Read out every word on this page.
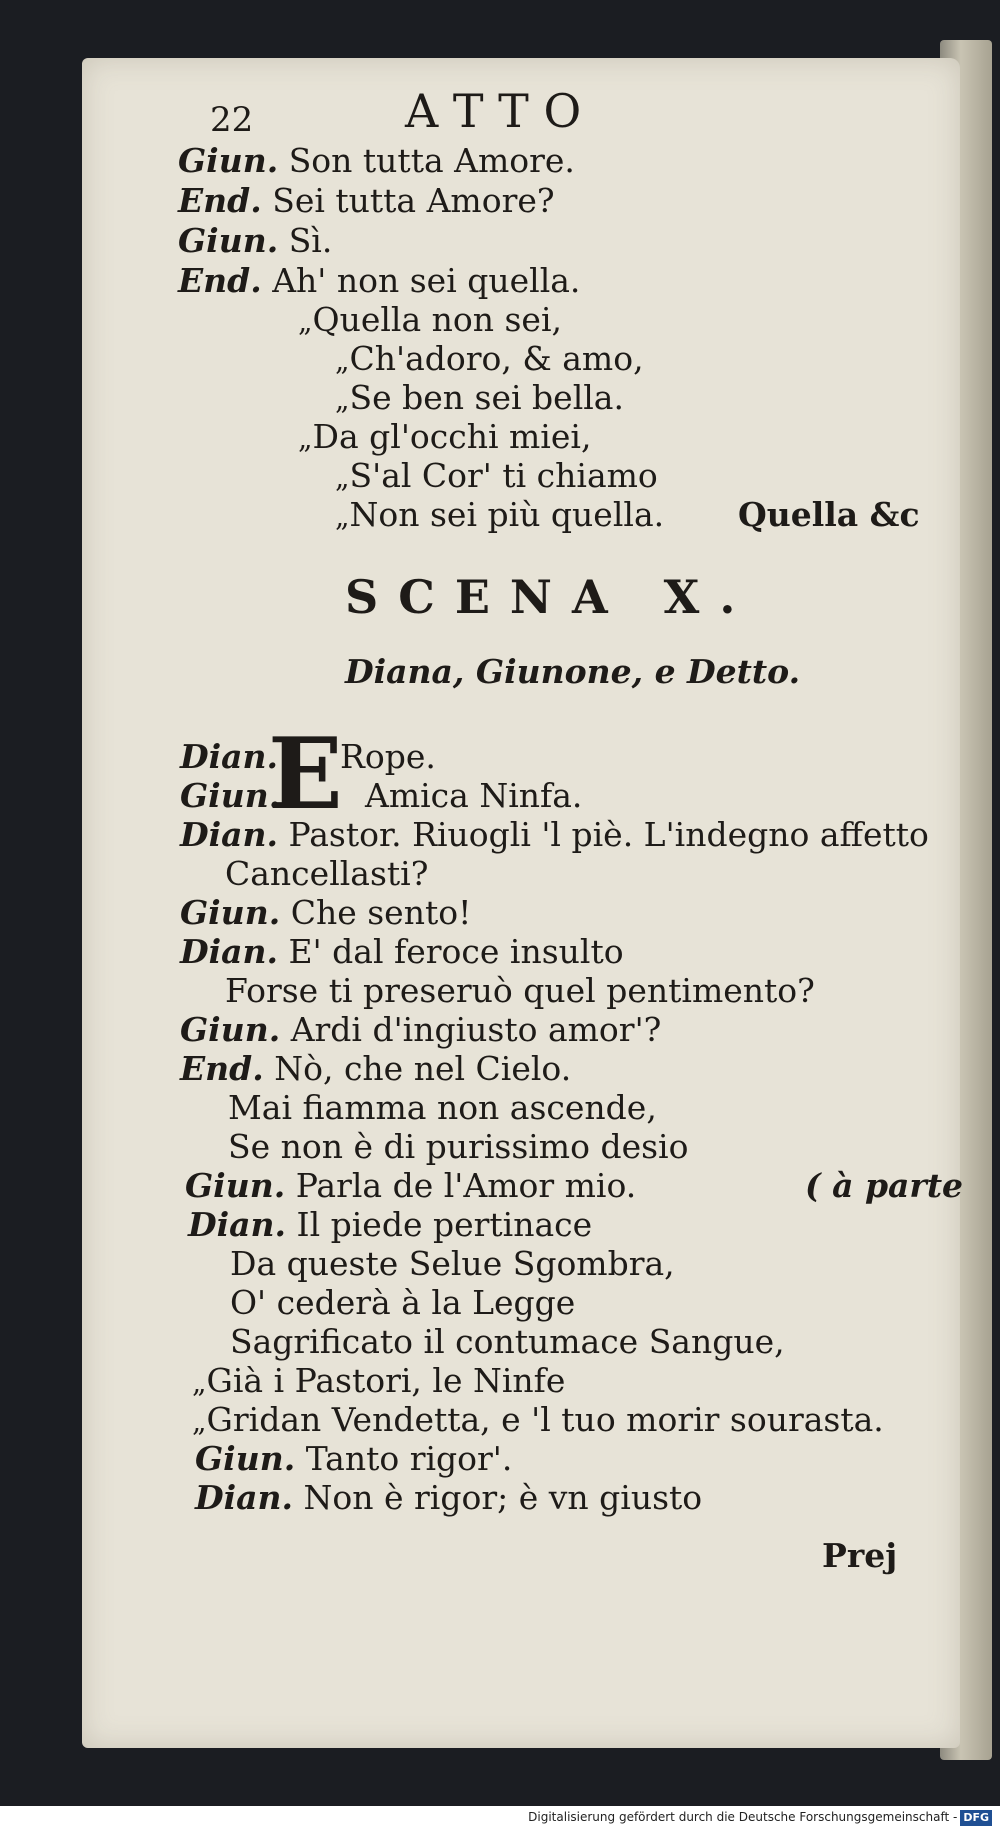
22	A T T O
Giun. Son tutta Amore.
End. Sei tutta Amore?
Giun. Sì.
End. Ah' non sei quella.
„Quella non sei,
„Ch'adoro, & amo,
„Se ben sei bella.
„Da gl'occhi miei,
„S'al Cor' ti chiamo
„Non sei più quella. Quella &c
SCENA X.
Diana, Giunone, e Detto.
E
Dian. Rope.
Giun.	Amica Ninfa.
Dian. Pastor. Riuogli 'l piè. L'indegno affetto
Cancellasti?
Giun. Che sento!
Dian. E' dal feroce insulto
Forse ti preseruò quel pentimento?
Giun. Ardi d'ingiusto amor'?
End. Nò, che nel Cielo.
Mai fiamma non ascende,
Se non è di purissimo desio
Giun. Parla de l'Amor mio.	( à parte
Dian. Il piede pertinace
Da queste Selue Sgombra,
O' cederà à la Legge
Sagrificato il contumace Sangue,
„Già i Pastori, le Ninfe
„Gridan Vendetta, e 'l tuo morir sourasta.
Giun. Tanto rigor'.
Dian. Non è rigor; è vn giusto
Prej
Digitalisierung gefördert durch die Deutsche Forschungsgemeinschaft - DFG
